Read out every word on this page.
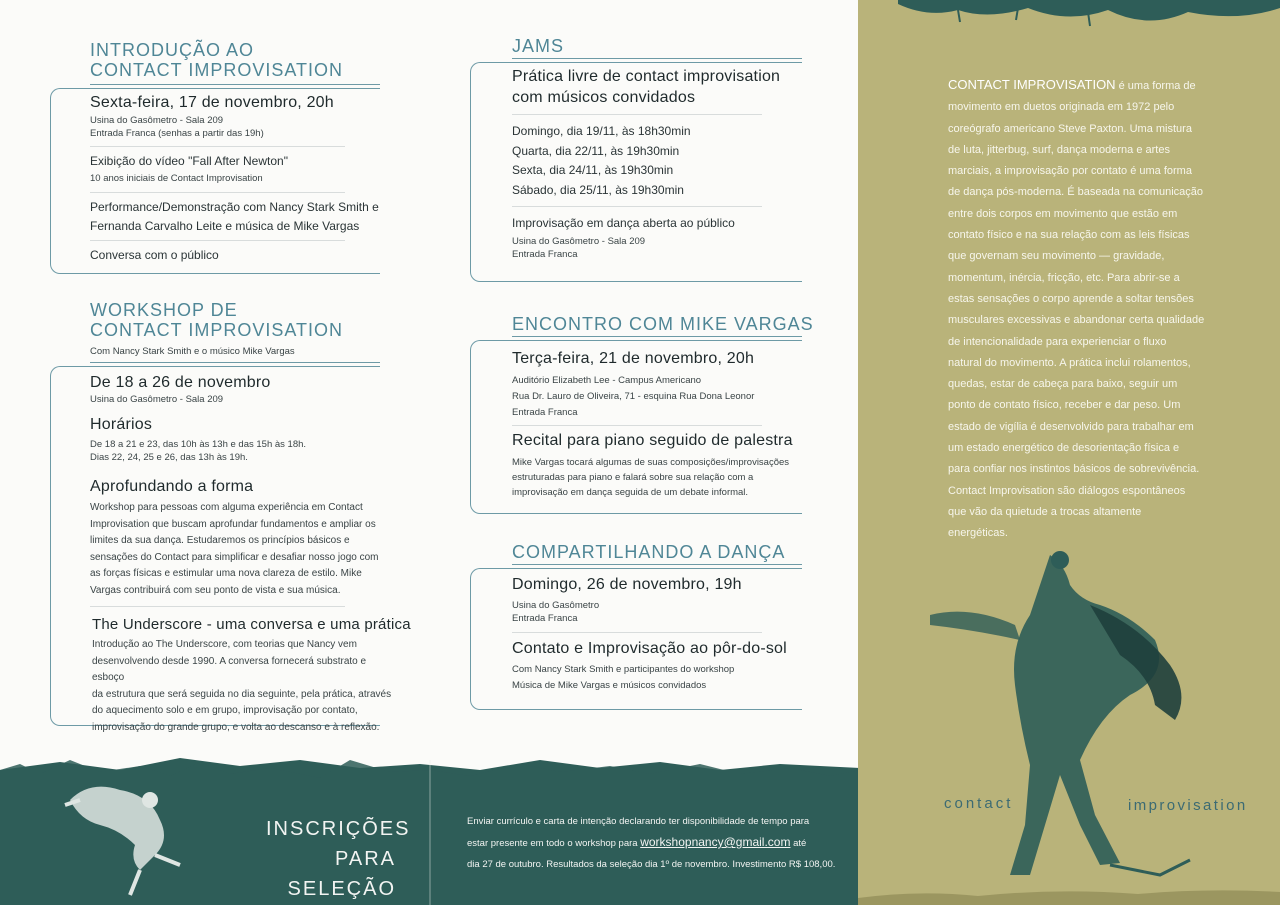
INTRODUÇÃO AO
CONTACT IMPROVISATION
Sexta-feira, 17 de novembro, 20h
Usina do Gasômetro - Sala 209
Entrada Franca (senhas a partir das 19h)
Exibição do vídeo "Fall After Newton"
10 anos iniciais de Contact Improvisation
Performance/Demonstração com Nancy Stark Smith e
Fernanda Carvalho Leite e música de Mike Vargas
Conversa com o público
WORKSHOP DE
CONTACT IMPROVISATION
Com Nancy Stark Smith e o músico Mike Vargas
De 18 a 26 de novembro
Usina do Gasômetro - Sala 209
Horários
De 18 a 21 e 23, das 10h às 13h e das 15h às 18h.
Dias 22, 24, 25 e 26, das 13h às 19h.
Aprofundando a forma
Workshop para pessoas com alguma experiência em Contact
Improvisation que buscam aprofundar fundamentos e ampliar os
limites da sua dança. Estudaremos os princípios básicos e
sensações do Contact para simplificar e desafiar nosso jogo com
as forças físicas e estimular uma nova clareza de estilo. Mike
Vargas contribuirá com seu ponto de vista e sua música.
The Underscore - uma conversa e uma prática
Introdução ao The Underscore, com teorias que Nancy vem
desenvolvendo desde 1990. A conversa fornecerá substrato e esboço
da estrutura que será seguida no dia seguinte, pela prática, através
do aquecimento solo e em grupo, improvisação por contato,
improvisação do grande grupo, e volta ao descanso e à reflexão.
JAMS
Prática livre de contact improvisation
com músicos convidados
Domingo, dia 19/11, às 18h30min
Quarta, dia 22/11, às 19h30min
Sexta, dia 24/11, às 19h30min
Sábado, dia 25/11, às 19h30min
Improvisação em dança aberta ao público
Usina do Gasômetro - Sala 209
Entrada Franca
ENCONTRO COM MIKE VARGAS
Terça-feira, 21 de novembro, 20h
Auditório Elizabeth Lee - Campus Americano
Rua Dr. Lauro de Oliveira, 71 - esquina Rua Dona Leonor
Entrada Franca
Recital para piano seguido de palestra
Mike Vargas tocará algumas de suas composições/improvisações
estruturadas para piano e falará sobre sua relação com a
improvisação em dança seguida de um debate informal.
COMPARTILHANDO A DANÇA
Domingo, 26 de novembro, 19h
Usina do Gasômetro
Entrada Franca
Contato e Improvisação ao pôr-do-sol
Com Nancy Stark Smith e participantes do workshop
Música de Mike Vargas e músicos convidados
INSCRIÇÕES
PARA SELEÇÃO
Enviar currículo e carta de intenção declarando ter disponibilidade de tempo para
estar presente em todo o workshop para workshopnancy@gmail.com até
dia 27 de outubro. Resultados da seleção dia 1º de novembro. Investimento R$ 108,00.
CONTACT IMPROVISATION é uma forma de
movimento em duetos originada em 1972 pelo
coreógrafo americano Steve Paxton. Uma mistura
de luta, jitterbug, surf, dança moderna e artes
marciais, a improvisação por contato é uma forma
de dança pós-moderna. É baseada na comunicação
entre dois corpos em movimento que estão em
contato físico e na sua relação com as leis físicas
que governam seu movimento — gravidade,
momentum, inércia, fricção, etc. Para abrir-se a
estas sensações o corpo aprende a soltar tensões
musculares excessivas e abandonar certa qualidade
de intencionalidade para experienciar o fluxo
natural do movimento. A prática inclui rolamentos,
quedas, estar de cabeça para baixo, seguir um
ponto de contato físico, receber e dar peso. Um
estado de vigília é desenvolvido para trabalhar em
um estado energético de desorientação física e
para confiar nos instintos básicos de sobrevivência.
Contact Improvisation são diálogos espontâneos
que vão da quietude a trocas altamente
energéticas.
contact	improvisation
